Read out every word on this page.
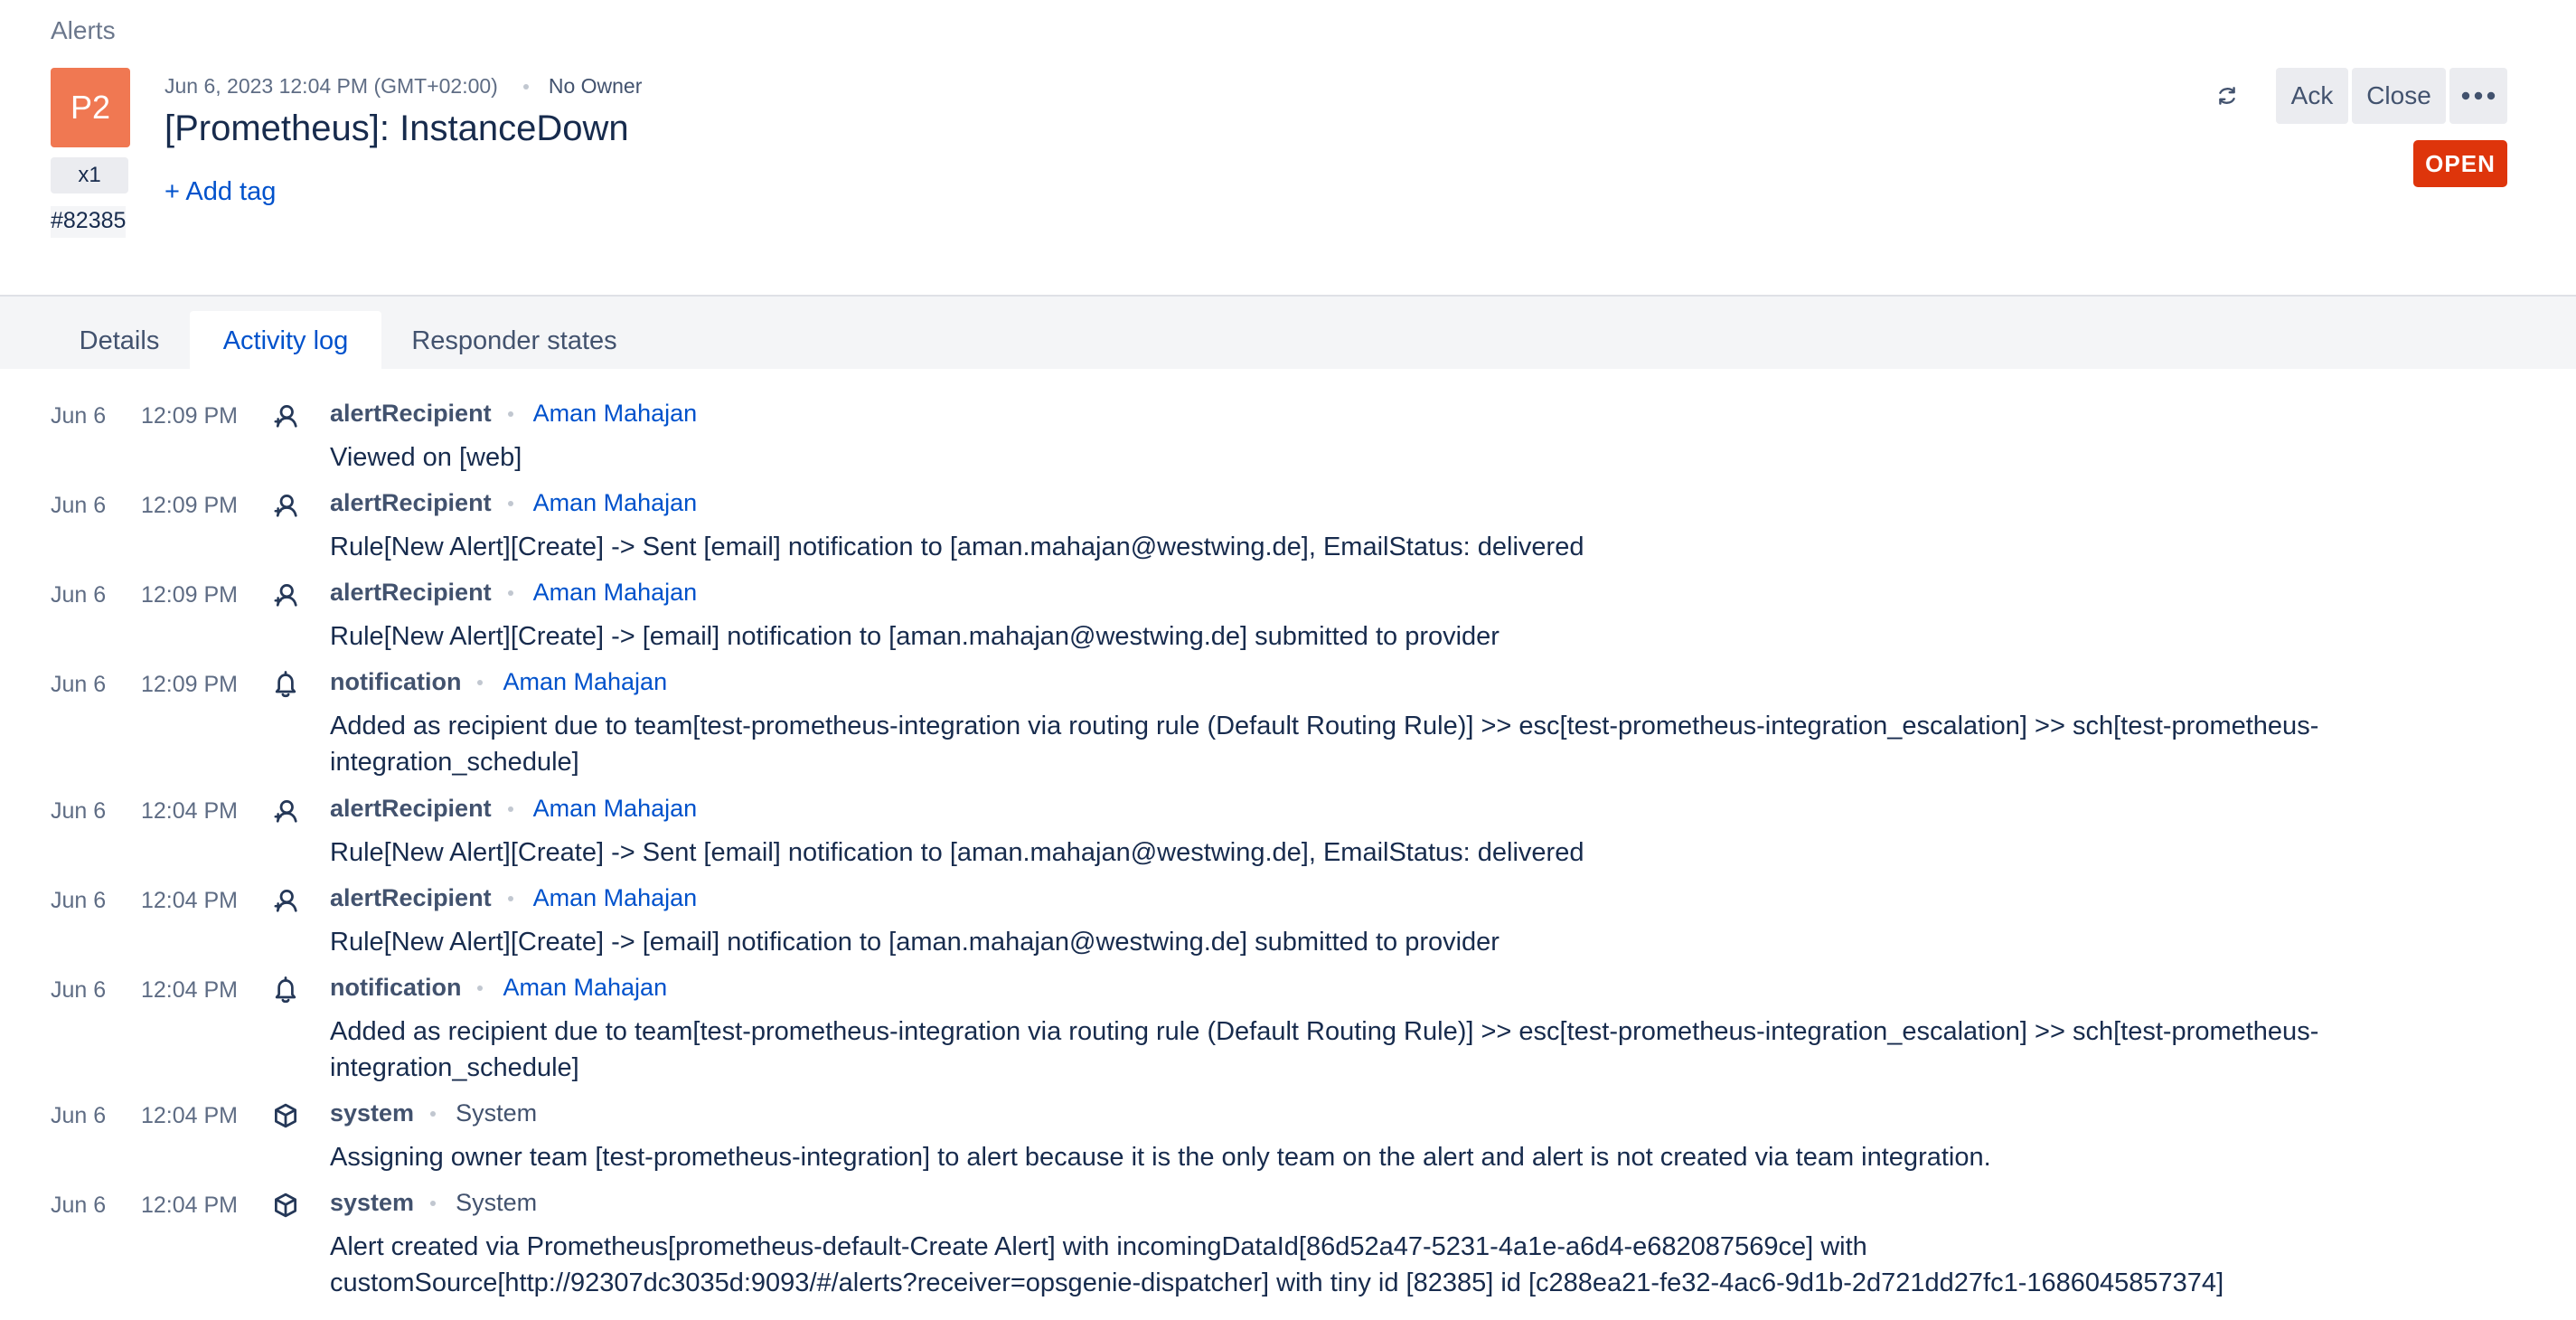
Alerts
P2
x1
#82385
Jun 6, 2023 12:04 PM (GMT+02:00) No Owner
[Prometheus]: InstanceDown
+ Add tag
Ack	Close
OPEN
Details	Activity log	Responder states
Jun 6 12:09 PM	alertRecipient Aman Mahajan
Viewed on [web]
Jun 6 12:09 PM	alertRecipient Aman Mahajan
Rule[New Alert][Create] -> Sent [email] notification to [aman.mahajan@westwing.de], EmailStatus: delivered
Jun 6 12:09 PM	alertRecipient Aman Mahajan
Rule[New Alert][Create] -> [email] notification to [aman.mahajan@westwing.de] submitted to provider
Jun 6 12:09 PM	notification Aman Mahajan
Added as recipient due to team[test-prometheus-integration via routing rule (Default Routing Rule)] >> esc[test-prometheus-integration_escalation] >> sch[test-prometheus-integration_schedule]
Jun 6 12:04 PM	alertRecipient Aman Mahajan
Rule[New Alert][Create] -> Sent [email] notification to [aman.mahajan@westwing.de], EmailStatus: delivered
Jun 6 12:04 PM	alertRecipient Aman Mahajan
Rule[New Alert][Create] -> [email] notification to [aman.mahajan@westwing.de] submitted to provider
Jun 6 12:04 PM	notification Aman Mahajan
Added as recipient due to team[test-prometheus-integration via routing rule (Default Routing Rule)] >> esc[test-prometheus-integration_escalation] >> sch[test-prometheus-integration_schedule]
Jun 6 12:04 PM	system System
Assigning owner team [test-prometheus-integration] to alert because it is the only team on the alert and alert is not created via team integration.
Jun 6 12:04 PM	system System
Alert created via Prometheus[prometheus-default-Create Alert] with incomingDataId[86d52a47-5231-4a1e-a6d4-e682087569ce] with customSource[http://92307dc3035d:9093/#/alerts?receiver=opsgenie-dispatcher] with tiny id [82385] id [c288ea21-fe32-4ac6-9d1b-2d721dd27fc1-1686045857374]
